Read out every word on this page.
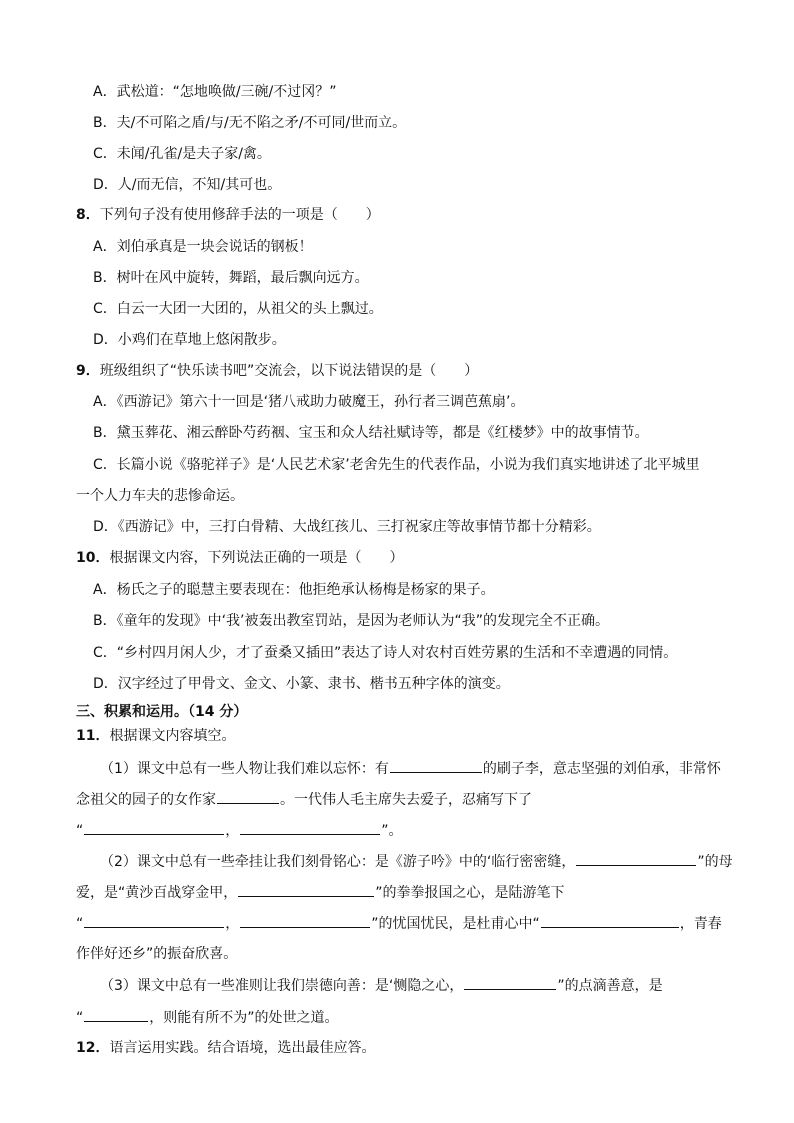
A．武松道：“怎地唤做/三碗/不过冈？”
B．夫/不可陷之盾/与/无不陷之矛/不可同/世而立。
C．未闻/孔雀/是夫子家/禽。
D．人/而无信，不知/其可也。
8．下列句子没有使用修辞手法的一项是（　　）
A．刘伯承真是一块会说话的钢板！
B．树叶在风中旋转，舞蹈，最后飘向远方。
C．白云一大团一大团的，从祖父的头上飘过。
D．小鸡们在草地上悠闲散步。
9．班级组织了“快乐读书吧”交流会，以下说法错误的是（　　）
A．《西游记》第六十一回是‘猪八戒助力破魔王，孙行者三调芭蕉扇’。
B．黛玉葬花、湘云醉卧芍药裀、宝玉和众人结社赋诗等，都是《红楼梦》中的故事情节。
C．长篇小说《骆驼祥子》是‘人民艺术家’老舍先生的代表作品，小说为我们真实地讲述了北平城里
一个人力车夫的悲惨命运。
D．《西游记》中，三打白骨精、大战红孩儿、三打祝家庄等故事情节都十分精彩。
10．根据课文内容，下列说法正确的一项是（　　）
A．杨氏之子的聪慧主要表现在：他拒绝承认杨梅是杨家的果子。
B．《童年的发现》中‘我’被轰出教室罚站，是因为老师认为“我”的发现完全不正确。
C．“乡村四月闲人少，才了蚕桑又插田”表达了诗人对农村百姓劳累的生活和不幸遭遇的同情。
D．汉字经过了甲骨文、金文、小篆、隶书、楷书五种字体的演变。
三、积累和运用。（14 分）
11．根据课文内容填空。
（1）课文中总有一些人物让我们难以忘怀：有	的刷子李，意志坚强的刘伯承，非常怀
念祖父的园子的女作家	。一代伟人毛主席失去爱子，忍痛写下了
“	，	”。
（2）课文中总有一些牵挂让我们刻骨铭心：是《游子吟》中的‘临行密密缝，	”的母
爱，是“黄沙百战穿金甲，	”的拳拳报国之心，是陆游笔下
“	，	”的忧国忧民，是杜甫心中“	，青春
作伴好还乡”的振奋欣喜。
（3）课文中总有一些准则让我们崇德向善：是‘恻隐之心，	”的点滴善意，是
“	，则能有所不为”的处世之道。
12．语言运用实践。结合语境，选出最佳应答。
